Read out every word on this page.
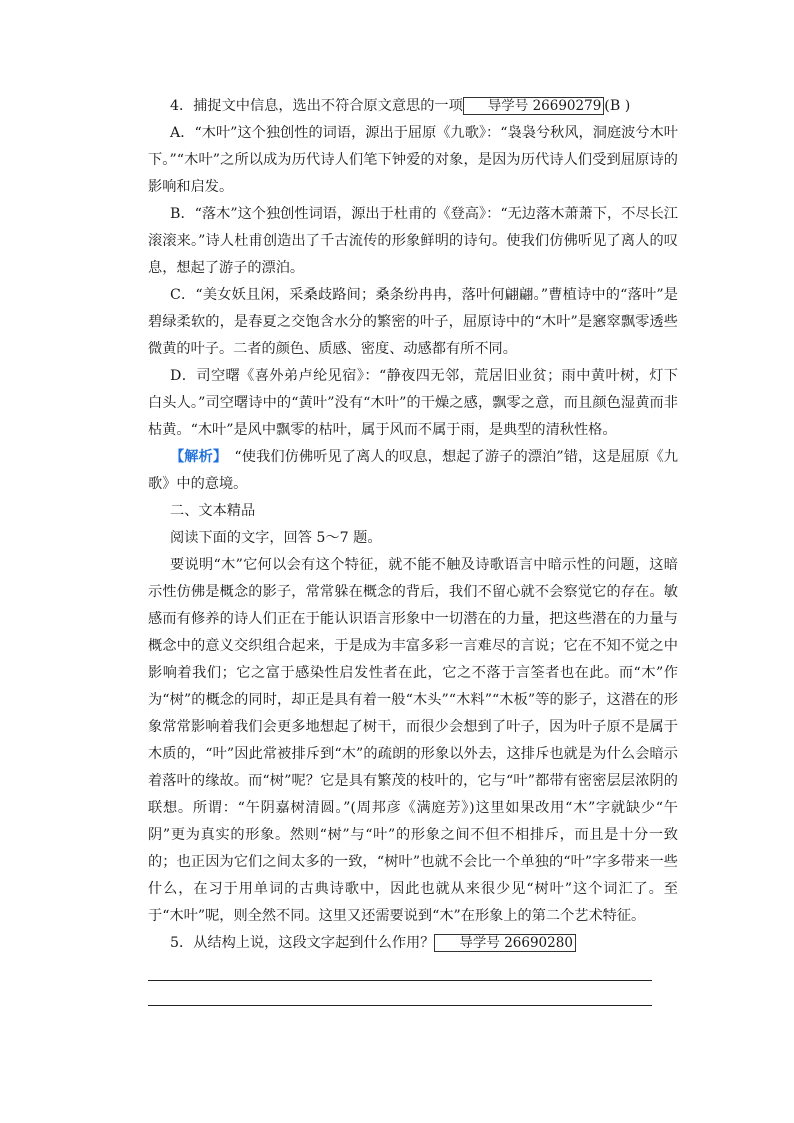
4．捕捉文中信息，选出不符合原文意思的一项 导学号 26690279 (B )

A．“木叶”这个独创性的词语，源出于屈原《九歌》：“袅袅兮秋风，洞庭波兮木叶下。”“木叶”之所以成为历代诗人们笔下钟爱的对象，是因为历代诗人们受到屈原诗的影响和启发。

B．“落木”这个独创性词语，源出于杜甫的《登高》：“无边落木萧萧下，不尽长江滚滚来。”诗人杜甫创造出了千古流传的形象鲜明的诗句。使我们仿佛听见了离人的叹息，想起了游子的漂泊。

C．“美女妖且闲，采桑歧路间；桑条纷冉冉，落叶何翩翩。”曹植诗中的“落叶”是碧绿柔软的，是春夏之交饱含水分的繁密的叶子，屈原诗中的“木叶”是窸窣飘零透些微黄的叶子。二者的颜色、质感、密度、动感都有所不同。

D．司空曙《喜外弟卢纶见宿》：“静夜四无邻，荒居旧业贫；雨中黄叶树，灯下白头人。”司空曙诗中的“黄叶”没有“木叶”的干燥之感，飘零之意，而且颜色湿黄而非枯黄。“木叶”是风中飘零的枯叶，属于风而不属于雨，是典型的清秋性格。

【解析】　“使我们仿佛听见了离人的叹息，想起了游子的漂泊”错，这是屈原《九歌》中的意境。

二、文本精品

阅读下面的文字，回答 5～7 题。

要说明“木”它何以会有这个特征，就不能不触及诗歌语言中暗示性的问题，这暗示性仿佛是概念的影子，常常躲在概念的背后，我们不留心就不会察觉它的存在。敏感而有修养的诗人们正在于能认识语言形象中一切潜在的力量，把这些潜在的力量与概念中的意义交织组合起来，于是成为丰富多彩一言难尽的言说；它在不知不觉之中影响着我们；它之富于感染性启发性者在此，它之不落于言筌者也在此。而“木”作为“树”的概念的同时，却正是具有着一般“木头”“木料”“木板”等的影子，这潜在的形象常常影响着我们会更多地想起了树干，而很少会想到了叶子，因为叶子原不是属于木质的，“叶”因此常被排斥到“木”的疏朗的形象以外去，这排斥也就是为什么会暗示着落叶的缘故。而“树”呢？它是具有繁茂的枝叶的，它与“叶”都带有密密层层浓阴的联想。所谓：“午阴嘉树清圆。”(周邦彦《满庭芳》)这里如果改用“木”字就缺少“午阴”更为真实的形象。然则“树”与“叶”的形象之间不但不相排斥，而且是十分一致的；也正因为它们之间太多的一致，“树叶”也就不会比一个单独的“叶”字多带来一些什么，在习于用单词的古典诗歌中，因此也就从来很少见“树叶”这个词汇了。至于“木叶”呢，则全然不同。这里又还需要说到“木”在形象上的第二个艺术特征。

5．从结构上说，这段文字起到什么作用？ 导学号 26690280
